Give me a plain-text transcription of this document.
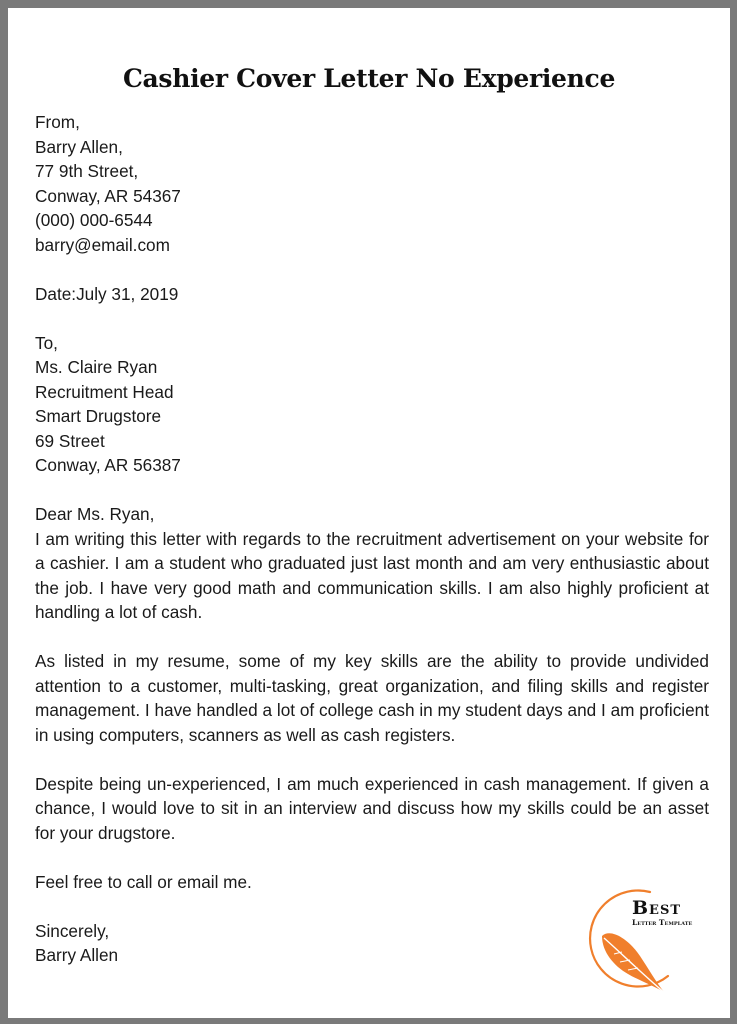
Cashier Cover Letter No Experience
From,
Barry Allen,
77 9th Street,
Conway, AR 54367
(000) 000-6544
barry@email.com
Date:July 31, 2019
To,
Ms. Claire Ryan
Recruitment Head
Smart Drugstore
69 Street
Conway, AR 56387
Dear Ms. Ryan,

I am writing this letter with regards to the recruitment advertisement on your website for a cashier. I am a student who graduated just last month and am very enthusiastic about the job. I have very good math and communication skills. I am also highly proficient at handling a lot of cash.

As listed in my resume, some of my key skills are the ability to provide undivided attention to a customer, multi-tasking, great organization, and filing skills and register management. I have handled a lot of college cash in my student days and I am proficient in using computers, scanners as well as cash registers.

Despite being un-experienced, I am much experienced in cash management. If given a chance, I would love to sit in an interview and discuss how my skills could be an asset for your drugstore.

Feel free to call or email me.

Sincerely,
Barry Allen
Best
Letter Template
